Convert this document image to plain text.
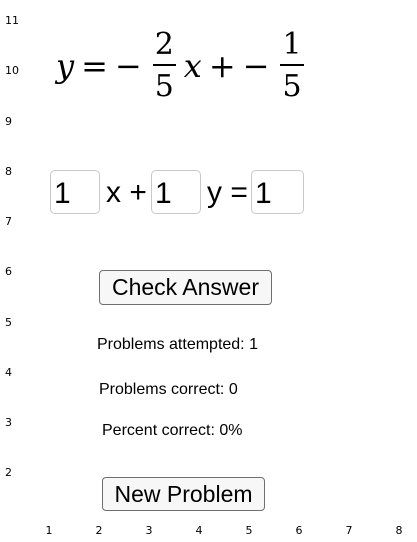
11
10
9
8
7
6
5
4
3
2
1	2	3	4	5	6	7	8
y = − $\frac{2}{5}$ x + − $\frac{1}{5}$
1
x +
1 y =
1
Check Answer
Problems attempted: 1
Problems correct: 0
Percent correct: 0%
New Problem
